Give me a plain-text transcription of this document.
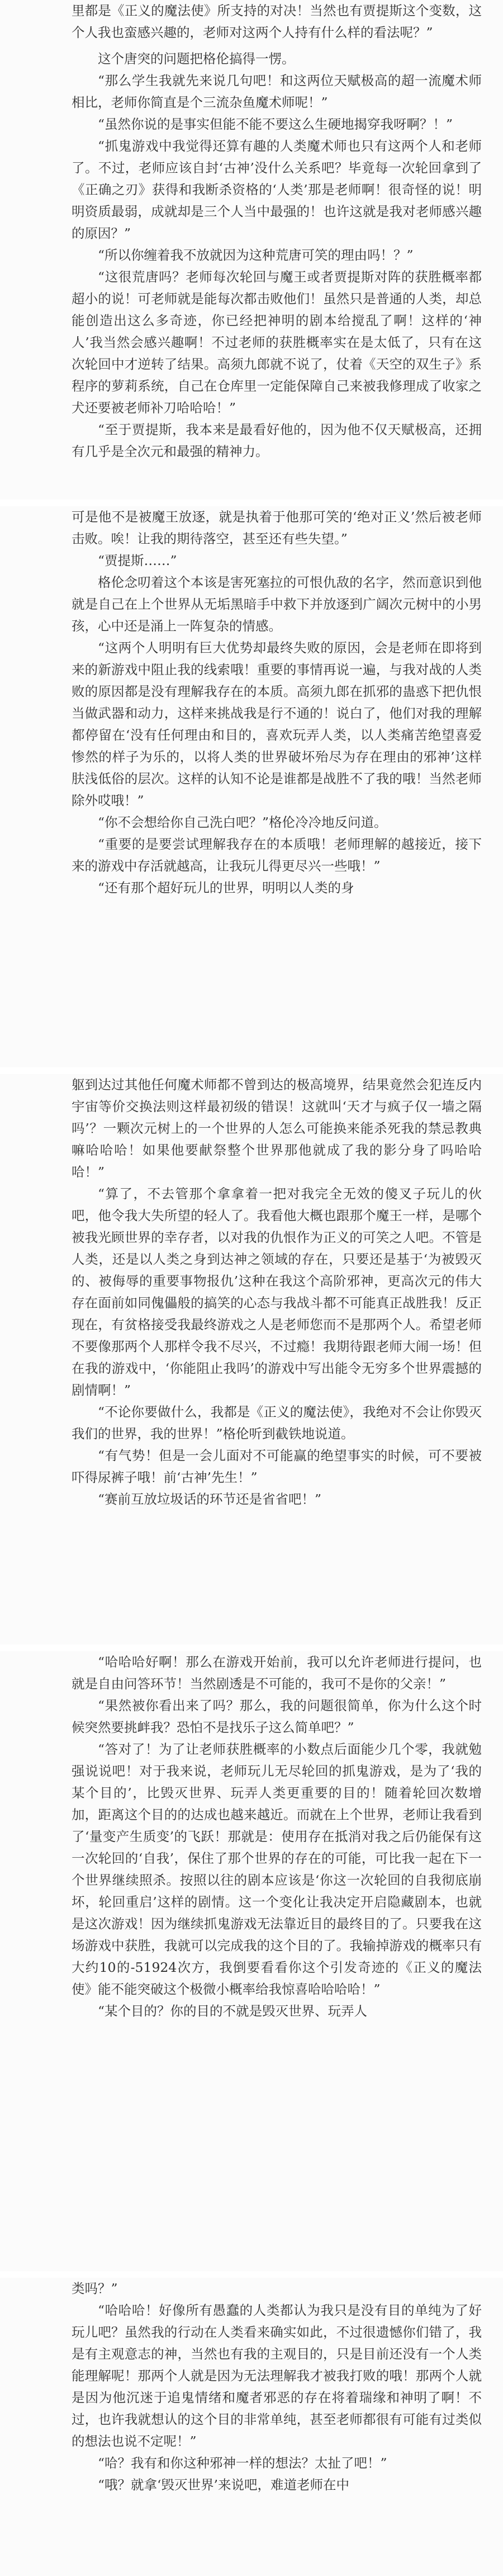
里都是《正义的魔法使》所支持的对决！当然也有贾提斯这个变数，这个人我也蛮感兴趣的，老师对这两个人持有什么样的看法呢？”

这个唐突的问题把格伦搞得一愣。

“那么学生我就先来说几句吧！和这两位天赋极高的超一流魔术师相比，老师你简直是个三流杂鱼魔术师呢！”

“虽然你说的是事实但能不能不要这么生硬地揭穿我呀啊？！”

“抓鬼游戏中我觉得还算有趣的人类魔术师也只有这两个人和老师了。不过，老师应该自封‘古神’没什么关系吧？毕竟每一次轮回拿到了《正确之刃》获得和我断杀资格的‘人类’那是老师啊！很奇怪的说！明明资质最弱，成就却是三个人当中最强的！也许这就是我对老师感兴趣的原因？”

“所以你缠着我不放就因为这种荒唐可笑的理由吗！？”

“这很荒唐吗？老师每次轮回与魔王或者贾提斯对阵的获胜概率都超小的说！可老师就是能每次都击败他们！虽然只是普通的人类，却总能创造出这么多奇迹，你已经把神明的剧本给搅乱了啊！这样的‘神人’我当然会感兴趣啊！不过老师的获胜概率实在是太低了，只有在这次轮回中才逆转了结果。高须九郎就不说了，仗着《天空的双生子》系程序的萝莉系统，自己在仓库里一定能保障自己来被我修理成了收家之犬还要被老师补刀哈哈哈！”

“至于贾提斯，我本来是最看好他的，因为他不仅天赋极高，还拥有几乎是全次元和最强的精神力。

可是他不是被魔王放逐，就是执着于他那可笑的‘绝对正义’然后被老师击败。唉！让我的期待落空，甚至还有些失望。”

“贾提斯……”

格伦念叨着这个本该是害死塞拉的可恨仇敌的名字，然而意识到他就是自己在上个世界从无垢黑暗手中救下并放逐到广阔次元树中的小男孩，心中还是涌上一阵复杂的情感。

“这两个人明明有巨大优势却最终失败的原因，会是老师在即将到来的新游戏中阻止我的线索哦！重要的事情再说一遍，与我对战的人类败的原因都是没有理解我存在的本质。高须九郎在抓邪的蛊惑下把仇恨当做武器和动力，这样来挑战我是行不通的！说白了，他们对我的理解都停留在‘没有任何理由和目的，喜欢玩弄人类，以人类痛苦绝望喜爱惨然的样子为乐的，以将人类的世界破坏殆尽为存在理由的邪神’这样肤浅低俗的层次。这样的认知不论是谁都是战胜不了我的哦！当然老师除外哎哦！”

“你不会想给你自己洗白吧？”格伦冷冷地反问道。

“重要的是要尝试理解我存在的本质哦！老师理解的越接近，接下来的游戏中存活就越高，让我玩儿得更尽兴一些哦！”

“还有那个超好玩儿的世界，明明以人类的身

躯到达过其他任何魔术师都不曾到达的极高境界，结果竟然会犯连反内宇宙等价交换法则这样最初级的错误！这就叫‘天才与疯子仅一墙之隔吗’？一颗次元树上的一个世界的人怎么可能换来能杀死我的禁忌教典嘛哈哈哈！如果他要献祭整个世界那他就成了我的影分身了吗哈哈哈！”

“算了，不去管那个拿拿着一把对我完全无效的傻叉子玩儿的伙吧，他令我大失所望的轻人了。我看他大概也跟那个魔王一样，是哪个被我光顾世界的幸存者，以对我的仇恨作为正义的可笑之人吧。不管是人类，还是以人类之身到达神之领域的存在，只要还是基于‘为被毁灭的、被侮辱的重要事物报仇’这种在我这个高阶邪神，更高次元的伟大存在面前如同傀儡般的搞笑的心态与我战斗都不可能真正战胜我！反正现在，有贫格接受我最终游戏之人是老师您而不是那两个人。希望老师不要像那两个人那样令我不尽兴，不过瘾！我期待跟老师大闹一场！但在我的游戏中，‘你能阻止我吗’的游戏中写出能令无穷多个世界震撼的剧情啊！”

“不论你要做什么，我都是《正义的魔法使》，我绝对不会让你毁灭我们的世界，我的世界！”格伦听到截铁地说道。

“有气势！但是一会儿面对不可能赢的绝望事实的时候，可不要被吓得尿裤子哦！前‘古神’先生！”

“赛前互放垃圾话的环节还是省省吧！”

“哈哈哈好啊！那么在游戏开始前，我可以允许老师进行提问，也就是自由问答环节！当然剧透是不可能的，我可不是你的父亲！”

“果然被你看出来了吗？那么，我的问题很简单，你为什么这个时候突然要挑衅我？恐怕不是找乐子这么简单吧？”

“答对了！为了让老师获胜概率的小数点后面能少几个零，我就勉强说说吧！对于我来说，老师玩儿无尽轮回的抓鬼游戏，是为了‘我的某个目的’，比毁灭世界、玩弄人类更重要的目的！随着轮回次数增加，距离这个目的的达成也越来越近。而就在上个世界，老师让我看到了‘量变产生质变’的飞跃！那就是：使用存在抵消对我之后仍能保有这一次轮回的‘自我’，保住了那个世界的存在的可能，可比我一起在下一个世界继续照杀。按照以往的剧本应该是‘你这一次轮回的自我彻底崩坏，轮回重启’这样的剧情。这一个变化让我决定开启隐藏剧本，也就是这次游戏！因为继续抓鬼游戏无法靠近目的最终目的了。只要我在这场游戏中获胜，我就可以完成我的这个目的了。我输掉游戏的概率只有大约10的-51924次方，我倒要看看你这个引发奇迹的《正义的魔法使》能不能突破这个极微小概率给我惊喜哈哈哈哈！”

“某个目的？你的目的不就是毁灭世界、玩弄人

类吗？”

“哈哈哈！好像所有愚蠢的人类都认为我只是没有目的单纯为了好玩儿吧？虽然我的行动在人类看来确实如此，不过很遗憾你们错了，我是有主观意志的神，当然也有我的主观目的，只是目前还没有一个人类能理解呢！那两个人就是因为无法理解我才被我打败的哦！那两个人就是因为他沉迷于追鬼情绪和魔者邪恶的存在将着瑞缘和神明了啊！不过，也许我就想认的这个目的非常单纯，甚至老师都很有可能有过类似的想法也说不定呢！”

“哈？我有和你这种邪神一样的想法？太扯了吧！”

“哦？就拿‘毁灭世界’来说吧，难道老师在中
